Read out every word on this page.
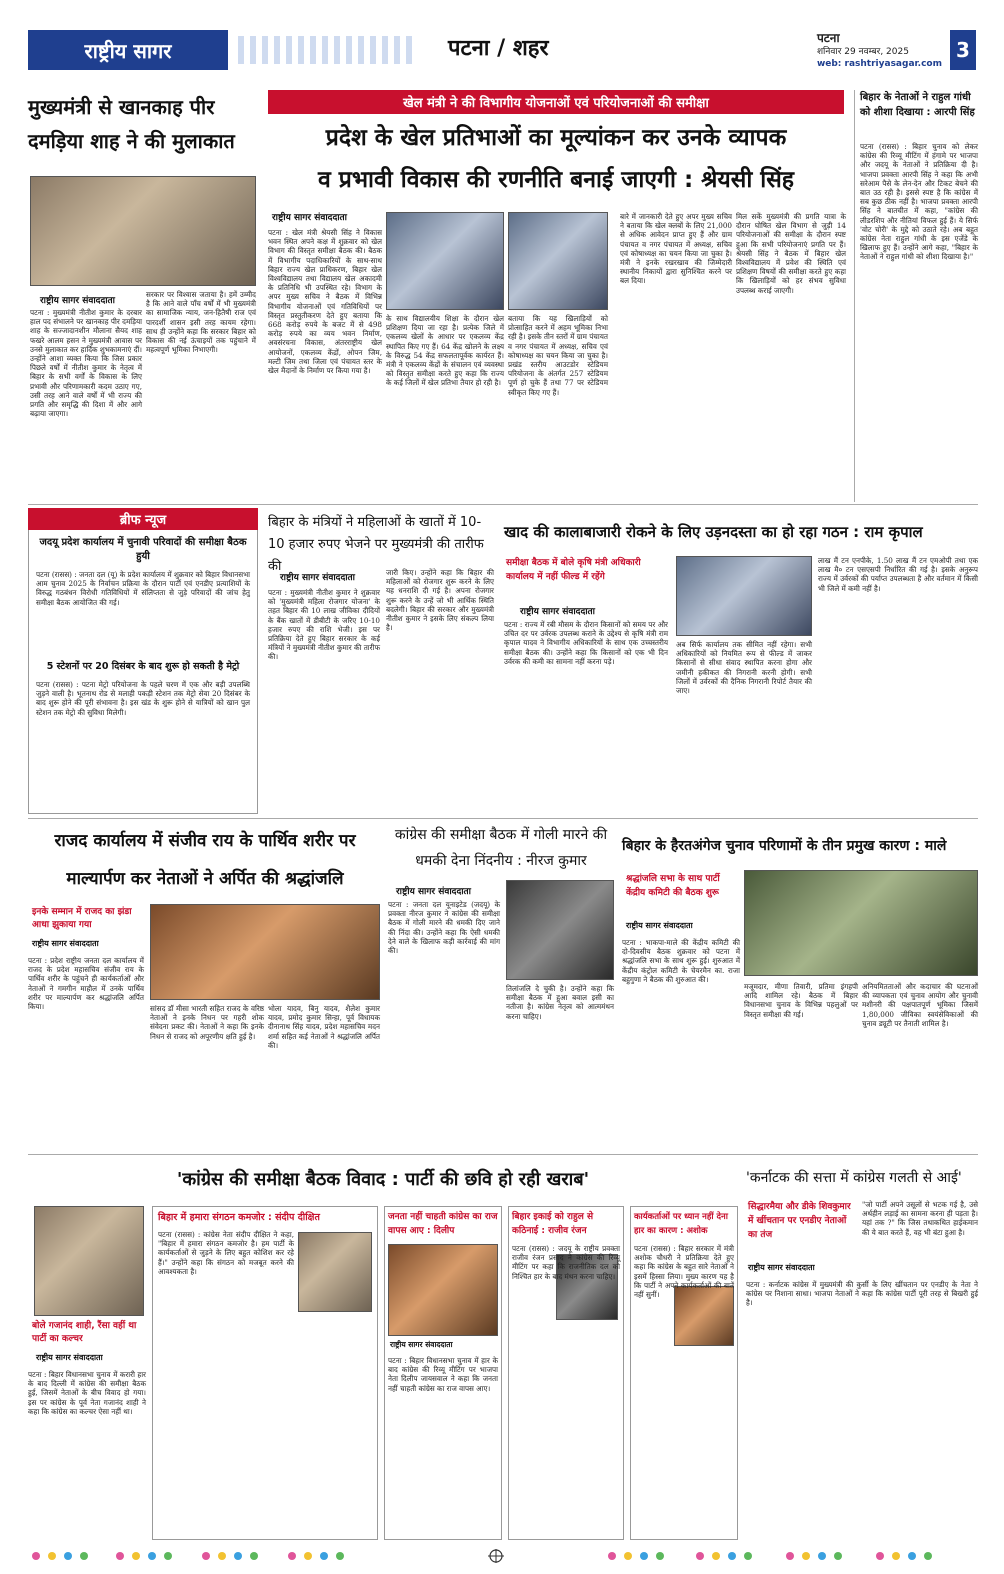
राष्ट्रीय सागर	पटना / शहर	पटना
शनिवार 29 नवम्बर, 2025
web: rashtriyasagar.com
3
मुख्यमंत्री से खानकाह पीर दमड़िया शाह ने की मुलाकात
राष्ट्रीय सागर संवाददाता
पटना : मुख्यमंत्री नीतीश कुमार के दरबार हाल पद संभालने पर खानकाह पीर दमड़िया शाह के सज्जादानशीन मौलाना सैयद शाह फखरे आलम हसन ने मुख्यमंत्री आवास पर उनसे मुलाकात कर हार्दिक शुभकामनाएं दीं। उन्होंने आशा व्यक्त किया कि जिस प्रकार पिछले वर्षों में नीतीश कुमार के नेतृत्व में बिहार के सभी वर्गों के विकास के लिए प्रभावी और परिणामकारी कदम उठाए गए, उसी तरह आने वाले वर्षों में भी राज्य की प्रगति और समृद्धि की दिशा में और आगे बढ़ाया जाएगा।
सरकार पर विश्वास जताया है। हमें उम्मीद है कि आने वाले पाँच वर्षों में भी मुख्यमंत्री का सामाजिक न्याय, जन-हितैषी राज एवं पारदर्शी शासन इसी तरह कायम रहेगा। साथ ही उन्होंने कहा कि सरकार बिहार को विकास की नई ऊंचाइयों तक पहुंचाने में महत्वपूर्ण भूमिका निभाएगी।
खेल मंत्री ने की विभागीय योजनाओं एवं परियोजनाओं की समीक्षा
प्रदेश के खेल प्रतिभाओं का मूल्यांकन कर उनके व्यापक
व प्रभावी विकास की रणनीति बनाई जाएगी : श्रेयसी सिंह
राष्ट्रीय सागर संवाददाता
पटना : खेल मंत्री श्रेयसी सिंह ने विकास भवन स्थित अपने कक्ष में शुक्रवार को खेल विभाग की विस्तृत समीक्षा बैठक की। बैठक में विभागीय पदाधिकारियों के साथ-साथ बिहार राज्य खेल प्राधिकरण, बिहार खेल विश्वविद्यालय तथा विद्यालय खेल अकादमी के प्रतिनिधि भी उपस्थित रहे। विभाग के अपर मुख्य सचिव ने बैठक में विभिन्न विभागीय योजनाओं एवं गतिविधियों पर विस्तृत प्रस्तुतीकरण देते हुए बताया कि 668 करोड़ रुपये के बजट में से 498 करोड़ रुपये का व्यय भवन निर्माण, अवसंरचना विकास, अंतरराष्ट्रीय खेल आयोजनों, एकलव्य केंद्रों, ओपन जिम, मल्टी जिम तथा जिला एवं पंचायत स्तर के खेल मैदानों के निर्माण पर किया गया है।
के साथ विद्यालयीय शिक्षा के दौरान खेल प्रशिक्षण दिया जा रहा है। प्रत्येक जिले में एकलव्य खेलों के आधार पर एकलव्य केंद्र स्थापित किए गए हैं। 64 केंद्र खोलने के लक्ष्य के विरुद्ध 54 केंद्र सफलतापूर्वक कार्यरत हैं। मंत्री ने एकलव्य केंद्रों के संचालन एवं व्यवस्था को विस्तृत समीक्षा करते हुए कहा कि राज्य के कई जिलों में खेल प्रतिभा तैयार हो रही है।
बताया कि यह खिलाड़ियों को प्रोत्साहित करने में अहम भूमिका निभा रही है। इसके तीन स्तरों में ग्राम पंचायत व नगर पंचायत में अध्यक्ष, सचिव एवं कोषाध्यक्ष का चयन किया जा चुका है। प्रखंड स्तरीय आउटडोर स्टेडियम परियोजना के अंतर्गत 257 स्टेडियम पूर्ण हो चुके हैं तथा 77 पर स्टेडियम स्वीकृत किए गए हैं।
बारे में जानकारी देते हुए अपर मुख्य सचिव ने बताया कि खेल क्लबों के लिए 21,000 से अधिक आवेदन प्राप्त हुए हैं और ग्राम पंचायत व नगर पंचायत में अध्यक्ष, सचिव एवं कोषाध्यक्ष का चयन किया जा चुका है। मंत्री ने इनके रखरखाव की जिम्मेदारी स्थानीय निकायों द्वारा सुनिश्चित करने पर बल दिया।
मिल सकें मुख्यमंत्री की प्रगति यात्रा के दौरान घोषित खेल विभाग से जुड़ी 14 परियोजनाओं की समीक्षा के दौरान स्पष्ट हुआ कि सभी परियोजनाएं प्रगति पर हैं। श्रेयसी सिंह ने बैठक में बिहार खेल विश्वविद्यालय में प्रवेश की स्थिति एवं प्रशिक्षण विषयों की समीक्षा करते हुए कहा कि खिलाड़ियों को हर संभव सुविधा उपलब्ध कराई जाएगी।
बिहार के नेताओं ने राहुल गांधी को शीशा दिखाया : आरपी सिंह
पटना (रासस) : बिहार चुनाव को लेकर कांग्रेस की रिव्यू मीटिंग में हंगामे पर भाजपा और जदयू के नेताओं ने प्रतिक्रिया दी है। भाजपा प्रवक्ता आरपी सिंह ने कहा कि अभी सरेआम पैसे के लेन-देन और टिकट बेचने की बात उठ रही है। इससे स्पष्ट है कि कांग्रेस में सब कुछ ठीक नहीं है। भाजपा प्रवक्ता आरपी सिंह ने बातचीत में कहा, "कांग्रेस की लीडरशिप और नीतियां विफल हुई हैं। ये सिर्फ 'वोट चोरी' के मुद्दे को उठाते रहे। अब बहुत कांग्रेस नेता राहुल गांधी के इस एजेंडे के खिलाफ हुए हैं। उन्होंने आगे कहा, "बिहार के नेताओं ने राहुल गांधी को शीशा दिखाया है।"
ब्रीफ न्यूज
जदयू प्रदेश कार्यालय में चुनावी परिवादों की समीक्षा बैठक हुयी
पटना (रासस) : जनता दल (यू) के प्रदेश कार्यालय में शुक्रवार को बिहार विधानसभा आम चुनाव 2025 के निर्वाचन प्रक्रिया के दौरान पार्टी एवं एनडीए प्रत्याशियों के विरुद्ध गठबंधन विरोधी गतिविधियों में संलिप्तता से जुड़े परिवादों की जांच हेतु समीक्षा बैठक आयोजित की गई।
5 स्टेशनों पर 20 दिसंबर के बाद शुरू हो सकती है मेट्रो
पटना (रासस) : पटना मेट्रो परियोजना के पहले चरण में एक और बड़ी उपलब्धि जुड़ने वाली है। भूतनाथ रोड से मलाही पकड़ी स्टेशन तक मेट्रो सेवा 20 दिसंबर के बाद शुरू होने की पूरी संभावना है। इस खंड के शुरू होने से यात्रियों को खान पुल स्टेशन तक मेट्रो की सुविधा मिलेगी।
बिहार के मंत्रियों ने महिलाओं के खातों में 10-10 हजार रुपए भेजने पर मुख्यमंत्री की तारीफ की
राष्ट्रीय सागर संवाददाता
पटना : मुख्यमंत्री नीतीश कुमार ने शुक्रवार को 'मुख्यमंत्री महिला रोजगार योजना' के तहत बिहार की 10 लाख जीविका दीदियों के बैंक खातों में डीबीटी के जरिए 10-10 हजार रुपए की राशि भेजी। इस पर प्रतिक्रिया देते हुए बिहार सरकार के कई मंत्रियों ने मुख्यमंत्री नीतीश कुमार की तारीफ की।
जारी किए। उन्होंने कहा कि बिहार की महिलाओं को रोजगार शुरू करने के लिए यह धनराशि दी गई है। अपना रोजगार शुरू करने के उन्हें जो भी आर्थिक स्थिति बदलेगी। बिहार की सरकार और मुख्यमंत्री नीतीश कुमार ने इसके लिए संकल्प लिया है।
खाद की कालाबाजारी रोकने के लिए उड़नदस्ता का हो रहा गठन : राम कृपाल
समीक्षा बैठक में बोले कृषि मंत्री अधिकारी कार्यालय में नहीं फील्ड में रहेंगे
राष्ट्रीय सागर संवाददाता
पटना : राज्य में रबी मौसम के दौरान किसानों को समय पर और उचित दर पर उर्वरक उपलब्ध कराने के उद्देश्य से कृषि मंत्री राम कृपाल यादव ने विभागीय अधिकारियों के साथ एक उच्चस्तरीय समीक्षा बैठक की। उन्होंने कहा कि किसानों को एक भी दिन उर्वरक की कमी का सामना नहीं करना पड़े।
अब सिर्फ कार्यालय तक सीमित नहीं रहेगा। सभी अधिकारियों को नियमित रूप से फील्ड में जाकर किसानों से सीधा संवाद स्थापित करना होगा और जमीनी हकीकत की निगरानी करनी होगी। सभी जिलों में उर्वरकों की दैनिक निगरानी रिपोर्ट तैयार की जाए।
लाख मैं टन एनपीके, 1.50 लाख मैं टन एमओपी तथा एक लाख मै० टन एसएसपी निर्धारित की गई है। इसके अनुरूप राज्य में उर्वरकों की पर्याप्त उपलब्धता है और वर्तमान में किसी भी जिले में कमी नहीं है।
राजद कार्यालय में संजीव राय के पार्थिव शरीर पर माल्यार्पण कर नेताओं ने अर्पित की श्रद्धांजलि
इनके सम्मान में राजद का झंडा आधा झुकाया गया
राष्ट्रीय सागर संवाददाता
पटना : प्रदेश राष्ट्रीय जनता दल कार्यालय में राजद के प्रदेश महासचिव संजीव राय के पार्थिव शरीर के पहुंचने ही कार्यकर्ताओं और नेताओं ने गमगीन माहौल में उनके पार्थिव शरीर पर माल्यार्पण कर श्रद्धांजलि अर्पित किया।	सांसद डॉ मीसा भारती सहित राजद के वरिष्ठ नेताओं ने इनके निधन पर गहरी शोक संवेदना प्रकट की। नेताओं ने कहा कि इनके निधन से राजद को अपूरणीय क्षति हुई है।
भोला यादव, बिनु यादव, शैलेश कुमार यादव, प्रमोद कुमार सिन्हा, पूर्व विधायक दीनानाथ सिंह यादव, प्रदेश महासचिव मदन शर्मा सहित कई नेताओं ने श्रद्धांजलि अर्पित की।
कांग्रेस की समीक्षा बैठक में गोली मारने की धमकी देना निंदनीय : नीरज कुमार
राष्ट्रीय सागर संवाददाता
पटना : जनता दल यूनाइटेड (जदयू) के प्रवक्ता नीरज कुमार ने कांग्रेस की समीक्षा बैठक में गोली मारने की धमकी दिए जाने की निंदा की। उन्होंने कहा कि ऐसी धमकी देने वाले के खिलाफ कड़ी कार्रवाई की मांग की।
तिलांजलि दे चुकी है। उन्होंने कहा कि समीक्षा बैठक में हुआ बवाल इसी का नतीजा है। कांग्रेस नेतृत्व को आत्ममंथन करना चाहिए।
बिहार के हैरतअंगेज चुनाव परिणामों के तीन प्रमुख कारण : माले
श्रद्धांजलि सभा के साथ पार्टी केंद्रीय कमिटी की बैठक शुरू
राष्ट्रीय सागर संवाददाता
पटना : भाकपा-माले की केंद्रीय कमिटी की दो-दिवसीय बैठक शुक्रवार को पटना में श्रद्धांजलि सभा के साथ शुरू हुई। शुरुआत में केंद्रीय कंट्रोल कमिटी के चेयरमैन का. राजा बहुगुणा ने बैठक की शुरुआत की।
मजूमदार, मीणा तिवारी, प्रतिमा इंगहपी आदि शामिल रहे। बैठक में बिहार विधानसभा चुनाव के विभिन्न पहलुओं पर विस्तृत समीक्षा की गई।
अनियमितताओं और कदाचार की घटनाओं की व्यापकता एवं चुनाव आयोग और चुनावी मशीनरी की पक्षपातपूर्ण भूमिका जिसमें 1,80,000 जीविका स्वयंसेविकाओं की चुनाव ड्यूटी पर तैनाती शामिल है।
'कांग्रेस की समीक्षा बैठक विवाद : पार्टी की छवि हो रही खराब'
बोले गजानंद शाही, रैंसा वहीं था पार्टी का कल्चर
राष्ट्रीय सागर संवाददाता
पटना : बिहार विधानसभा चुनाव में करारी हार के बाद दिल्ली में कांग्रेस की समीक्षा बैठक हुई, जिसमें नेताओं के बीच विवाद हो गया। इस पर कांग्रेस के पूर्व नेता गजानंद शाही ने कहा कि कांग्रेस का कल्चर ऐसा नहीं था।
बिहार में हमारा संगठन कमजोर : संदीप दीक्षित
पटना (रासस) : कांग्रेस नेता संदीप दीक्षित ने कहा, "बिहार में हमारा संगठन कमजोर है। हम पार्टी के कार्यकर्ताओं से जुड़ने के लिए बहुत कोशिश कर रहे हैं।" उन्होंने कहा कि संगठन को मजबूत करने की आवश्यकता है।
जनता नहीं चाहती कांग्रेस का राज वापस आए : दिलीप
राष्ट्रीय सागर संवाददाता
पटना : बिहार विधानसभा चुनाव में हार के बाद कांग्रेस की रिव्यू मीटिंग पर भाजपा नेता दिलीप जायसवाल ने कहा कि जनता नहीं चाहती कांग्रेस का राज वापस आए।
बिहार इकाई को राहुल से कठिनाई : राजीव रंजन
पटना (रासस) : जदयू के राष्ट्रीय प्रवक्ता राजीव रंजन प्रसाद ने कांग्रेस की रिव्यू मीटिंग पर कहा कि राजनीतिक दल को निश्चित हार के बाद मंथन करना चाहिए।
कार्यकर्ताओं पर ध्यान नहीं देना हार का कारण : अशोक
पटना (रासस) : बिहार सरकार में मंत्री अशोक चौधरी ने प्रतिक्रिया देते हुए कहा कि कांग्रेस के बहुत सारे नेताओं ने इसमें हिस्सा लिया। मुख्य कारण यह है कि पार्टी ने अपने कार्यकर्ताओं की बातें नहीं सुनीं।
'कर्नाटक की सत्ता में कांग्रेस गलती से आई'
सिद्धारमैया और डीके शिवकुमार में खींचतान पर एनडीए नेताओं का तंज
राष्ट्रीय सागर संवाददाता
"जो पार्टी अपने उसूलों से भटक गई है, उसे अर्थहीन लड़ाई का सामना करना ही पड़ता है। यहां तक ?" कि जिस तथाकथित हाईकमान की ये बात करते हैं, वह भी बंटा हुआ है।
पटना : कर्नाटक कांग्रेस में मुख्यमंत्री की कुर्सी के लिए खींचतान पर एनडीए के नेता ने कांग्रेस पर निशाना साधा। भाजपा नेताओं ने कहा कि कांग्रेस पार्टी पूरी तरह से बिखरी हुई है।
